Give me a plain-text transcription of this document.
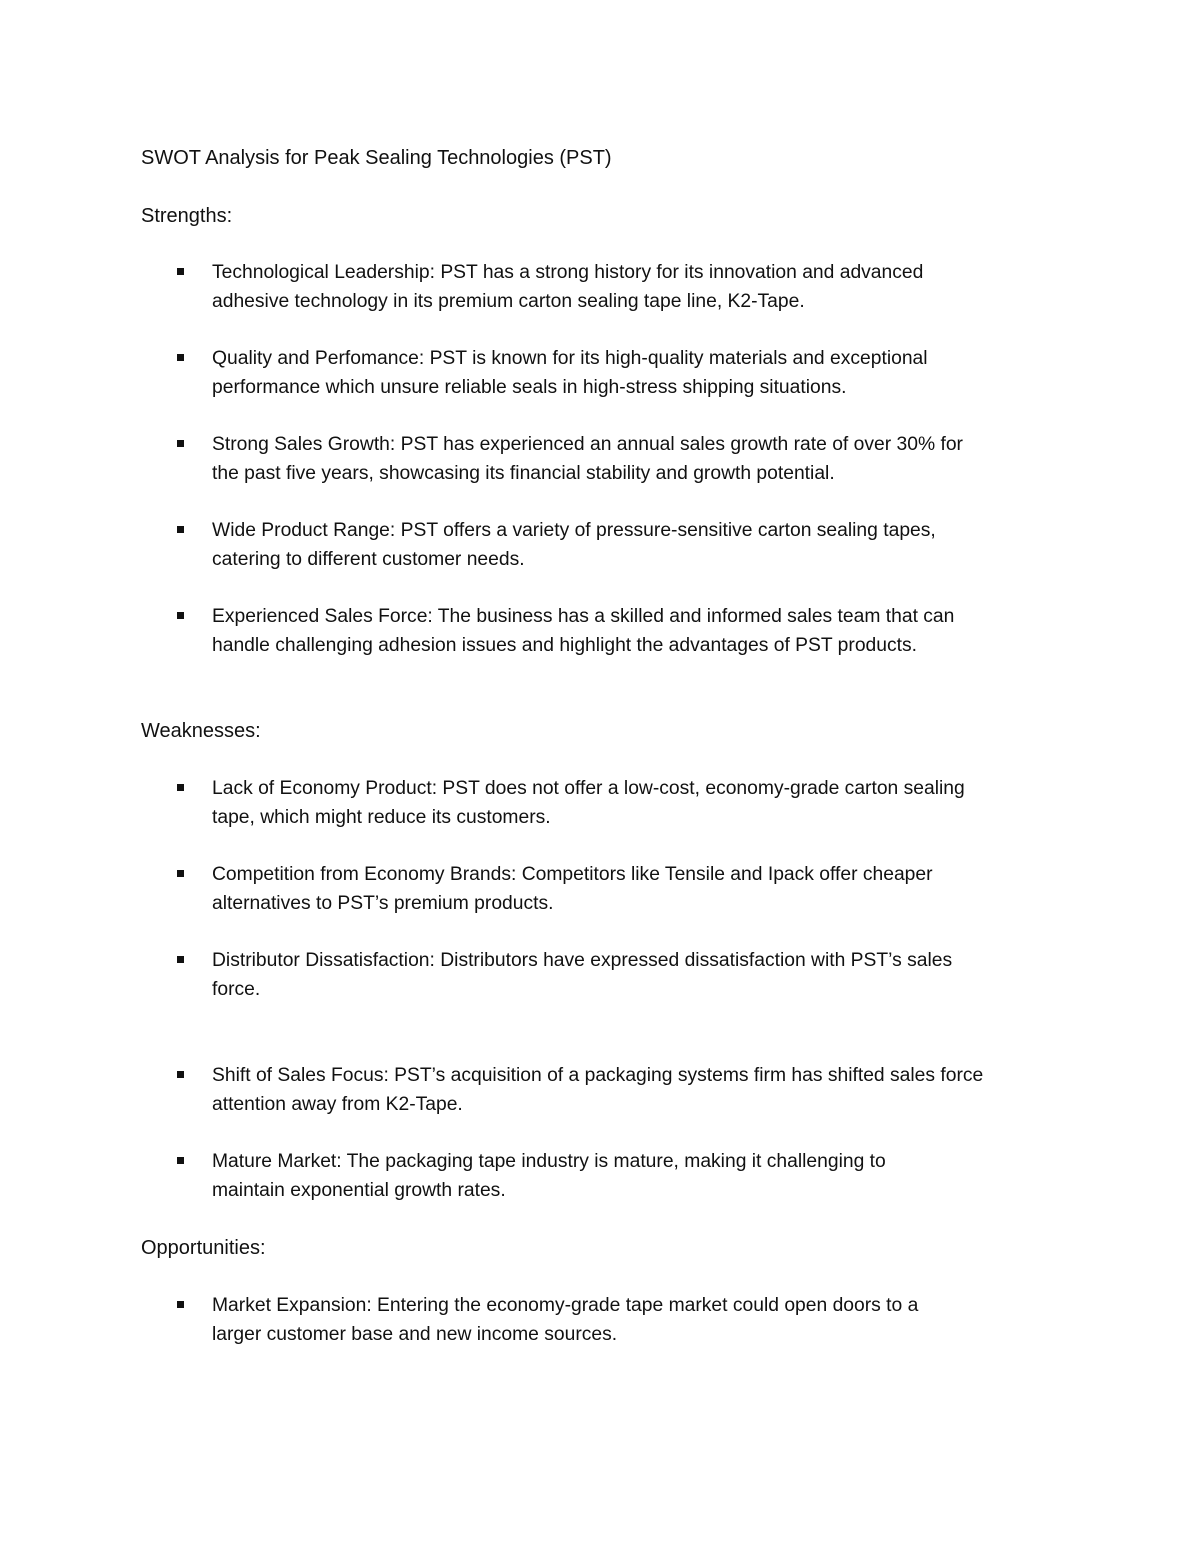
SWOT Analysis for Peak Sealing Technologies (PST)
Strengths:
Technological Leadership: PST has a strong history for its innovation and advanced
adhesive technology in its premium carton sealing tape line, K2-Tape.
Quality and Perfomance: PST is known for its high-quality materials and exceptional
performance which unsure reliable seals in high-stress shipping situations.
Strong Sales Growth: PST has experienced an annual sales growth rate of over 30% for
the past five years, showcasing its financial stability and growth potential.
Wide Product Range: PST offers a variety of pressure-sensitive carton sealing tapes,
catering to different customer needs.
Experienced Sales Force: The business has a skilled and informed sales team that can
handle challenging adhesion issues and highlight the advantages of PST products.
Weaknesses:
Lack of Economy Product: PST does not offer a low-cost, economy-grade carton sealing
tape, which might reduce its customers.
Competition from Economy Brands: Competitors like Tensile and Ipack offer cheaper
alternatives to PST’s premium products.
Distributor Dissatisfaction: Distributors have expressed dissatisfaction with PST’s sales
force.
Shift of Sales Focus: PST’s acquisition of a packaging systems firm has shifted sales force
attention away from K2-Tape.
Mature Market: The packaging tape industry is mature, making it challenging to
maintain exponential growth rates.
Opportunities:
Market Expansion: Entering the economy-grade tape market could open doors to a
larger customer base and new income sources.
